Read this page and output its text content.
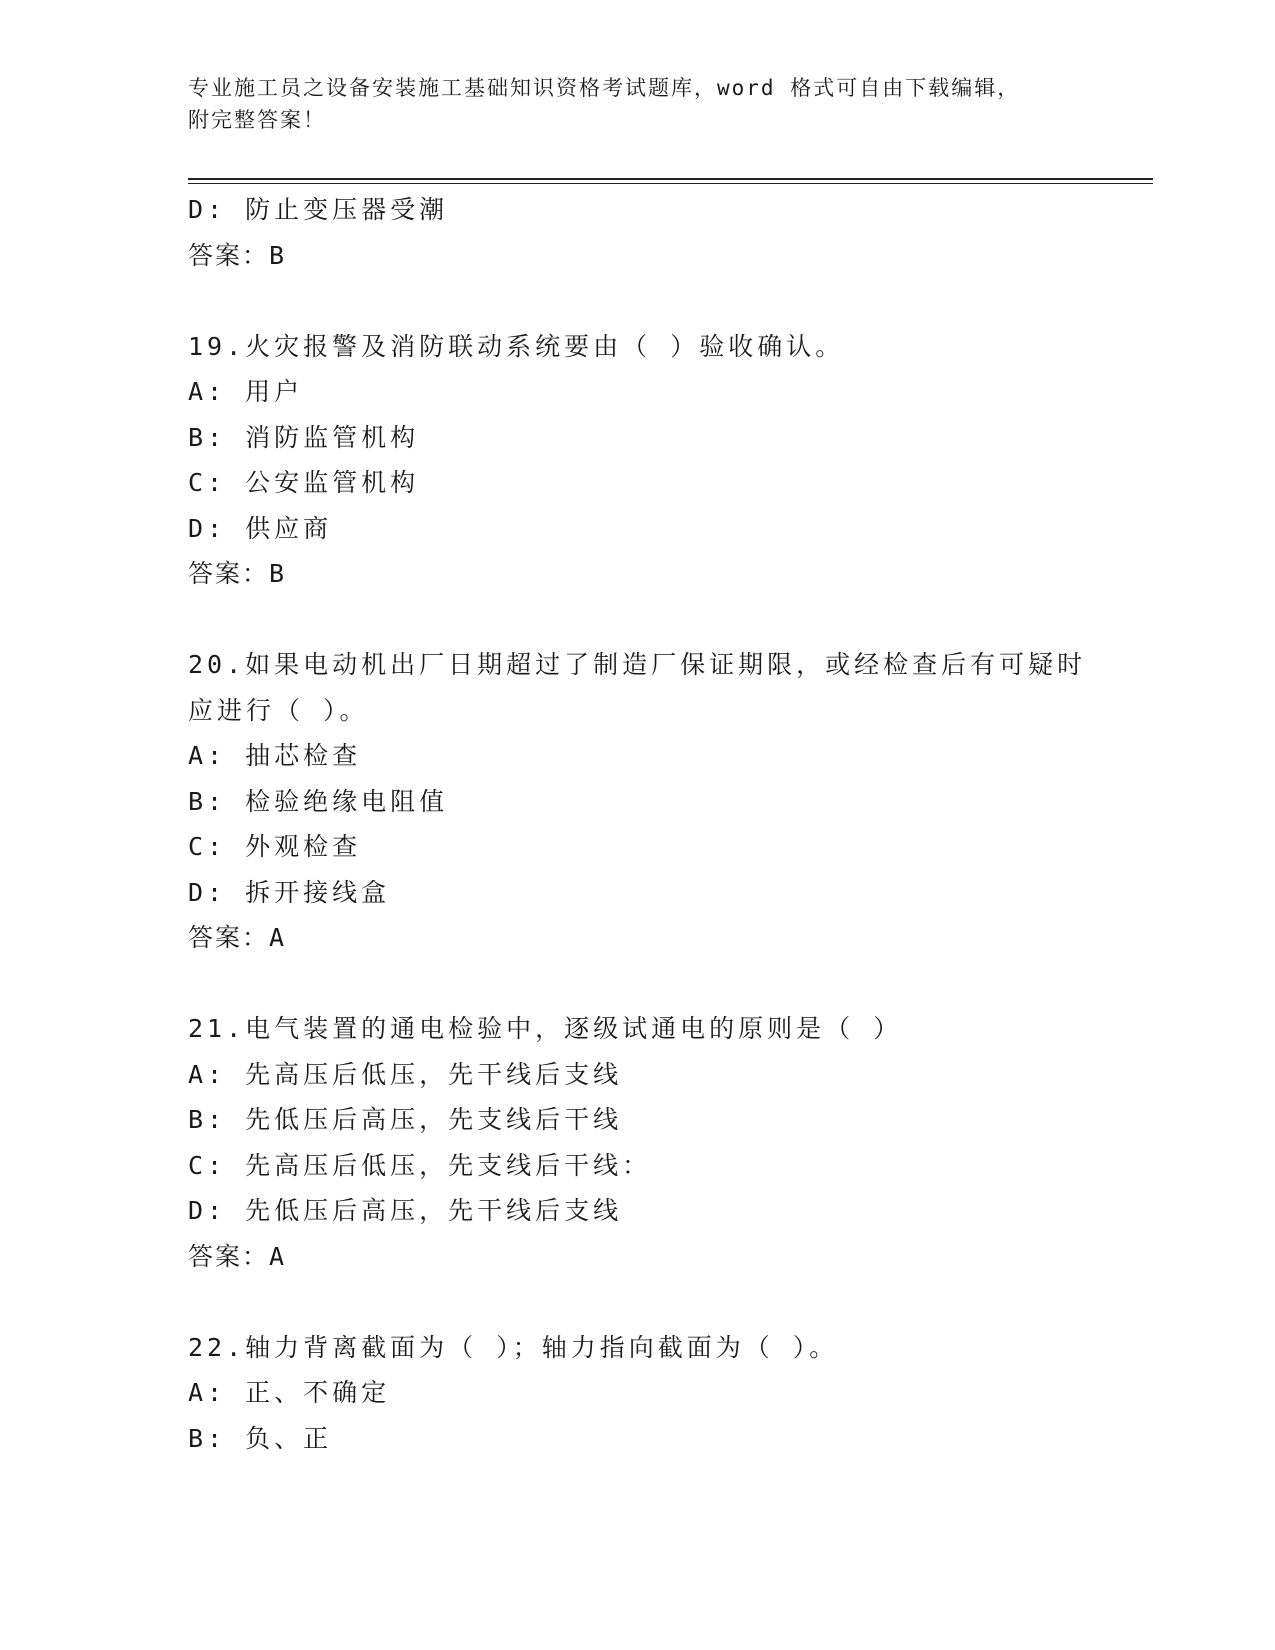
专业施工员之设备安装施工基础知识资格考试题库，word 格式可自由下载编辑，
附完整答案！
D: 防止变压器受潮
答案：B
19.火灾报警及消防联动系统要由（ ）验收确认。
A: 用户
B: 消防监管机构
C: 公安监管机构
D: 供应商
答案：B
20.如果电动机出厂日期超过了制造厂保证期限，或经检查后有可疑时
应进行（ ）。
A: 抽芯检查
B: 检验绝缘电阻值
C: 外观检查
D: 拆开接线盒
答案：A
21.电气装置的通电检验中，逐级试通电的原则是（ ）
A: 先高压后低压，先干线后支线
B: 先低压后高压，先支线后干线
C: 先高压后低压，先支线后干线：
D: 先低压后高压，先干线后支线
答案：A
22.轴力背离截面为（ ）；轴力指向截面为（ ）。
A: 正、不确定
B: 负、正
